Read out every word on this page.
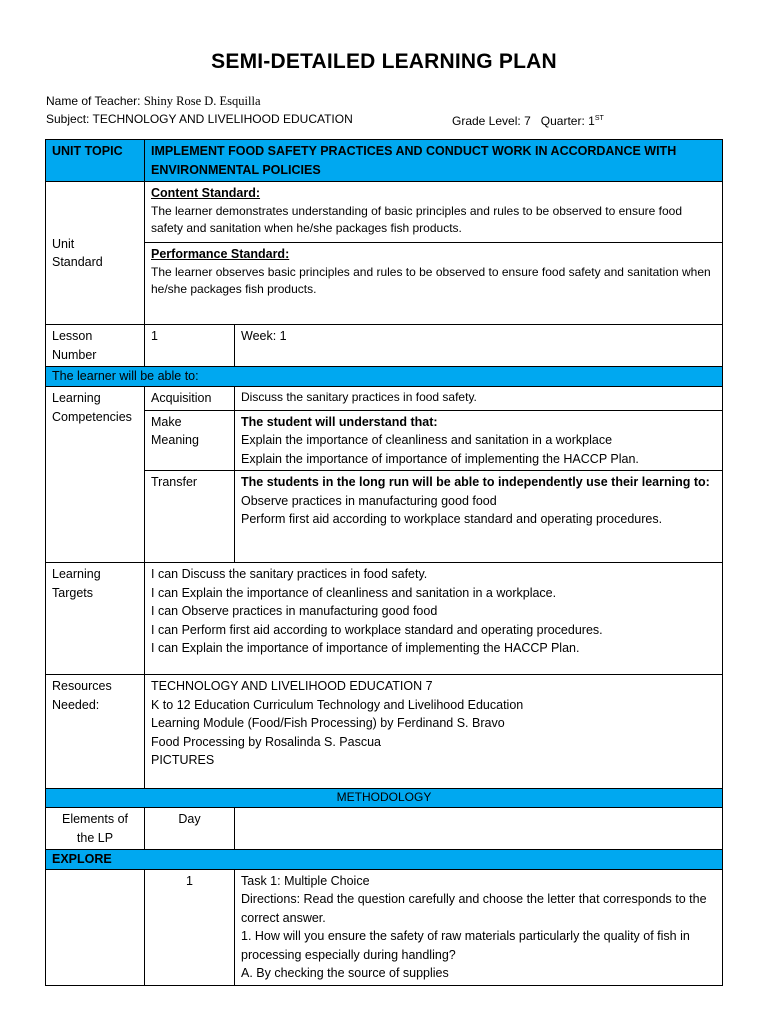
SEMI-DETAILED LEARNING PLAN
Name of Teacher: Shiny Rose D. Esquilla
Subject: TECHNOLOGY AND LIVELIHOOD EDUCATION	Grade Level: 7 Quarter: 1ST
UNIT TOPIC	IMPLEMENT FOOD SAFETY PRACTICES AND CONDUCT WORK IN ACCORDANCE WITH ENVIRONMENTAL POLICIES	

Unit
Standard	Content Standard:
The learner demonstrates understanding of basic principles and rules to be observed to ensure food safety and sanitation when he/she packages fish products.	

	Performance Standard:
The learner observes basic principles and rules to be observed to ensure food safety and sanitation when he/she packages fish products.	

Lesson
Number	1	Week: 1
The learner will be able to:		
Learning Competencies	Acquisition	Discuss the sanitary practices in food safety.
	Make Meaning	The student will understand that:
Explain the importance of cleanliness and sanitation in a workplace
Explain the importance of importance of implementing the HACCP Plan.

	Transfer	The students in the long run will be able to independently use their learning to:
Observe practices in manufacturing good food
Perform first aid according to workplace standard and operating procedures.

Learning
Targets	I can Discuss the sanitary practices in food safety.
I can Explain the importance of cleanliness and sanitation in a workplace.
I can Observe practices in manufacturing good food
I can Perform first aid according to workplace standard and operating procedures.
I can Explain the importance of importance of implementing the HACCP Plan.	

Resources
Needed:	TECHNOLOGY AND LIVELIHOOD EDUCATION 7
K to 12 Education Curriculum Technology and Livelihood Education
Learning Module (Food/Fish Processing) by Ferdinand S. Bravo
Food Processing by Rosalinda S. Pascua
PICTURES	

METHODOLOGY		
Elements of the LP	Day	
EXPLORE		
	1	Task 1: Multiple Choice
Directions: Read the question carefully and choose the letter that corresponds to the correct answer.
1. How will you ensure the safety of raw materials particularly the quality of fish in processing especially during handling?
A. By checking the source of supplies
